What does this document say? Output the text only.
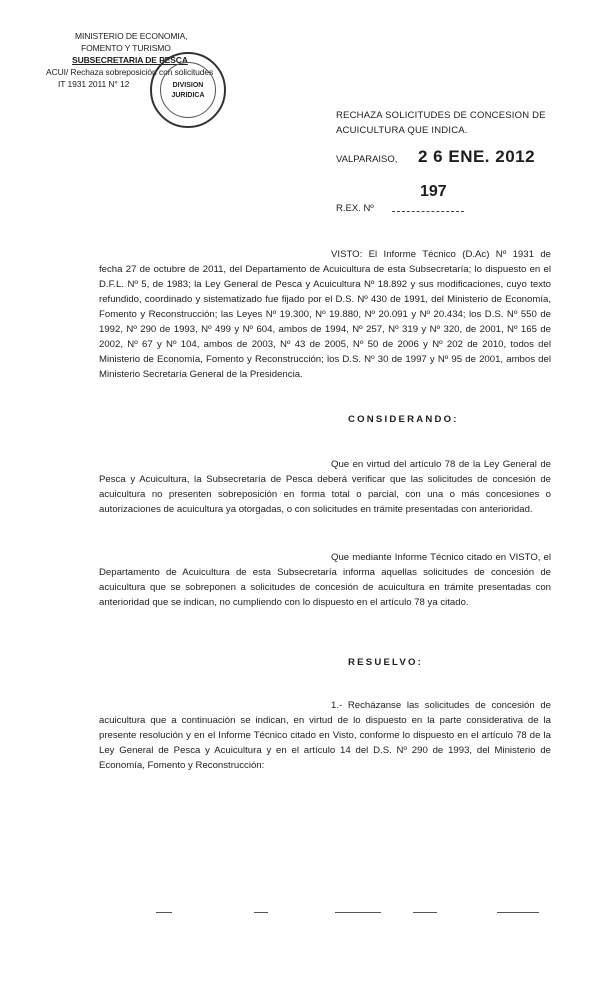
MINISTERIO DE ECONOMIA,
FOMENTO Y TURISMO
SUBSECRETARIA DE PESCA
ACUI/ Rechaza sobreposición con solicitudes
IT 1931 2011 N° 12	DIVISION
JURIDICA
RECHAZA SOLICITUDES DE CONCESION DE ACUICULTURA QUE INDICA.
VALPARAISO, 2 6 ENE. 2012
197
R.EX. Nº

VISTO: El Informe Técnico (D.Ac) Nº 1931 de fecha 27 de octubre de 2011, del Departamento de Acuicultura de esta Subsecretaría; lo dispuesto en el D.F.L. Nº 5, de 1983; la Ley General de Pesca y Acuicultura Nº 18.892 y sus modificaciones, cuyo texto refundido, coordinado y sistematizado fue fijado por el D.S. Nº 430 de 1991, del Ministerio de Economía, Fomento y Reconstrucción; las Leyes Nº 19.300, Nº 19.880, Nº 20.091 y Nº 20.434; los D.S. Nº 550 de 1992, Nº 290 de 1993, Nº 499 y Nº 604, ambos de 1994, Nº 257, Nº 319 y Nº 320, de 2001, Nº 165 de 2002, Nº 67 y Nº 104, ambos de 2003, Nº 43 de 2005, Nº 50 de 2006 y Nº 202 de 2010, todos del Ministerio de Economía, Fomento y Reconstrucción; los D.S. Nº 30 de 1997 y Nº 95 de 2001, ambos del Ministerio Secretaría General de la Presidencia.

CONSIDERANDO:

Que en virtud del artículo 78 de la Ley General de Pesca y Acuicultura, la Subsecretaría de Pesca deberá verificar que las solicitudes de concesión de acuicultura no presenten sobreposición en forma total o parcial, con una o más concesiones o autorizaciones de acuicultura ya otorgadas, o con solicitudes en trámite presentadas con anterioridad.

Que mediante Informe Técnico citado en VISTO, el Departamento de Acuicultura de esta Subsecretaría informa aquellas solicitudes de concesión de acuicultura que se sobreponen a solicitudes de concesión de acuicultura en trámite presentadas con anterioridad que se indican, no cumpliendo con lo dispuesto en el artículo 78 ya citado.

RESUELVO:

1.- Recházanse las solicitudes de concesión de acuicultura que a continuación se indican, en virtud de lo dispuesto en la parte considerativa de la presente resolución y en el Informe Técnico citado en Visto, conforme lo dispuesto en el artículo 78 de la Ley General de Pesca y Acuicultura y en el artículo 14 del D.S. Nº 290 de 1993, del Ministerio de Economía, Fomento y Reconstrucción:
